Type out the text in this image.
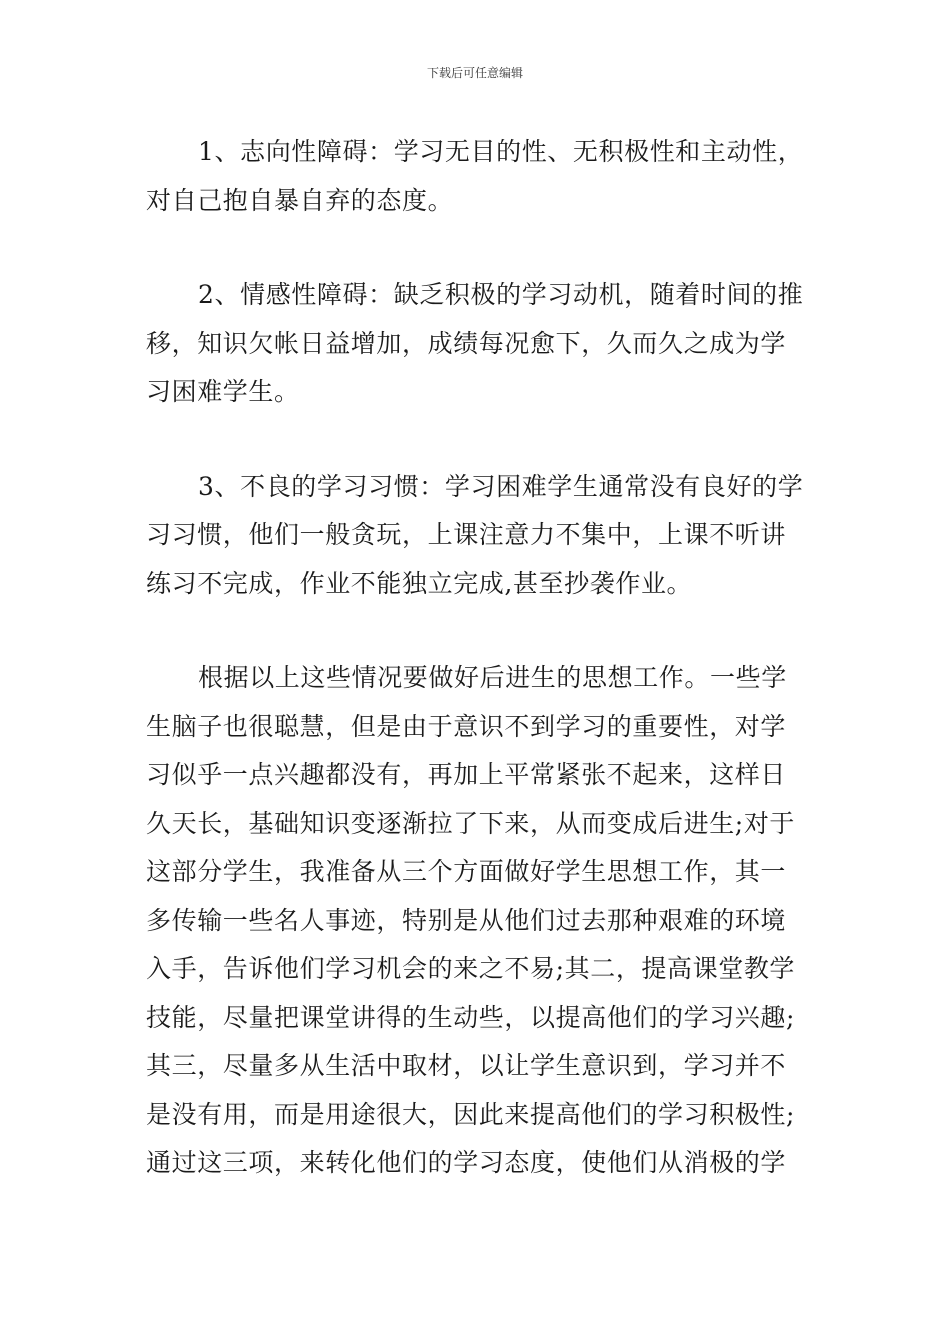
下载后可任意编辑

1、志向性障碍：学习无目的性、无积极性和主动性，
对自己抱自暴自弃的态度。

2、情感性障碍：缺乏积极的学习动机，随着时间的推
移，知识欠帐日益增加，成绩每况愈下，久而久之成为学
习困难学生。

3、不良的学习习惯：学习困难学生通常没有良好的学
习习惯，他们一般贪玩，上课注意力不集中，上课不听讲
练习不完成，作业不能独立完成,甚至抄袭作业。

根据以上这些情况要做好后进生的思想工作。一些学
生脑子也很聪慧，但是由于意识不到学习的重要性，对学
习似乎一点兴趣都没有，再加上平常紧张不起来，这样日
久天长，基础知识变逐渐拉了下来，从而变成后进生;对于
这部分学生，我准备从三个方面做好学生思想工作，其一
多传输一些名人事迹，特别是从他们过去那种艰难的环境
入手，告诉他们学习机会的来之不易;其二，提高课堂教学
技能，尽量把课堂讲得的生动些，以提高他们的学习兴趣;
其三，尽量多从生活中取材，以让学生意识到，学习并不
是没有用，而是用途很大，因此来提高他们的学习积极性;
通过这三项，来转化他们的学习态度，使他们从消极的学
